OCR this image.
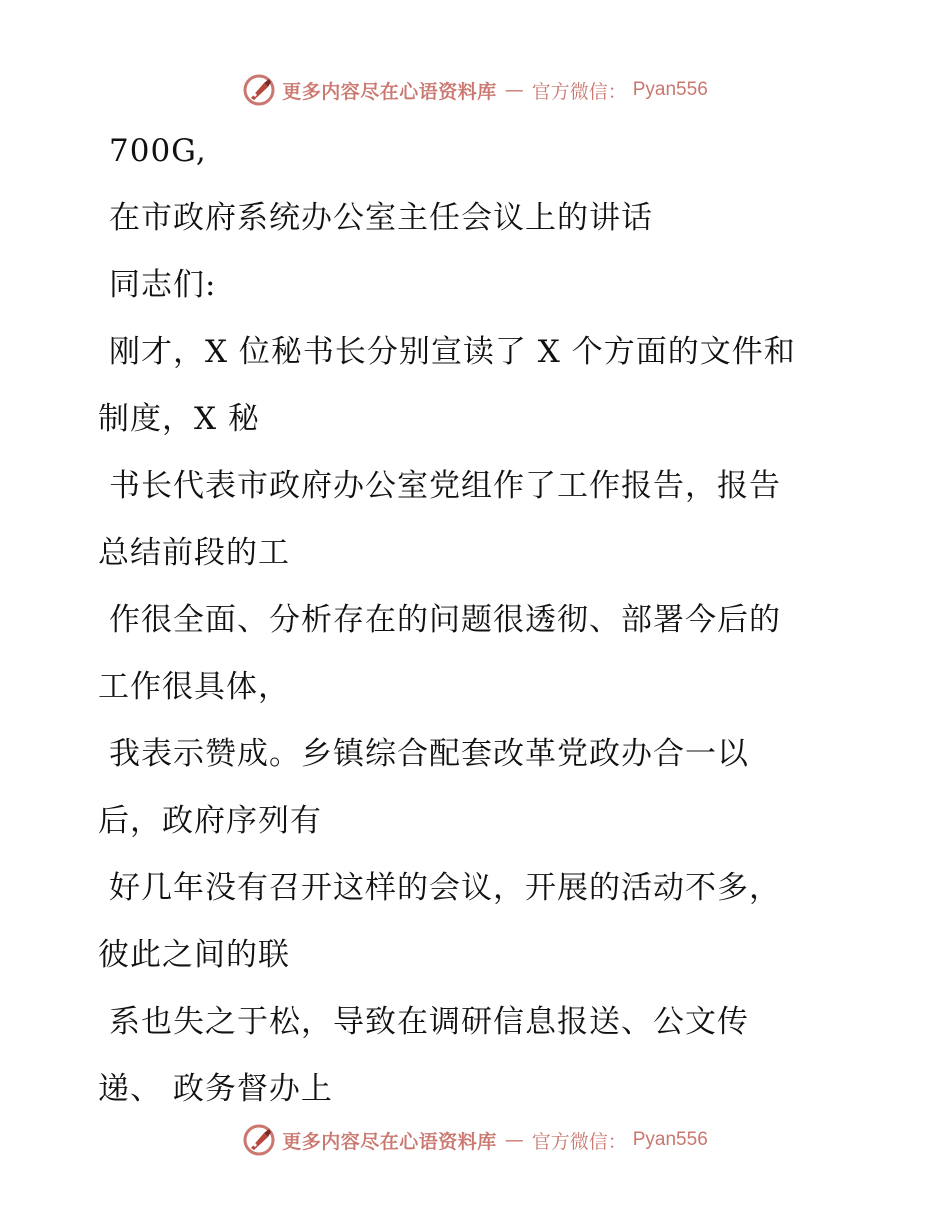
更多内容尽在心语资料库 — 官方微信： Pyan556
700G,
在市政府系统办公室主任会议上的讲话
同志们:
刚才，X 位秘书长分别宣读了 X 个方面的文件和
制度，X 秘
书长代表市政府办公室党组作了工作报告，报告
总结前段的工
作很全面、分析存在的问题很透彻、部署今后的
工作很具体，
我表示赞成。乡镇综合配套改革党政办合一以
后，政府序列有
好几年没有召开这样的会议，开展的活动不多，
彼此之间的联
系也失之于松，导致在调研信息报送、公文传
递、 政务督办上
更多内容尽在心语资料库 — 官方微信： Pyan556
